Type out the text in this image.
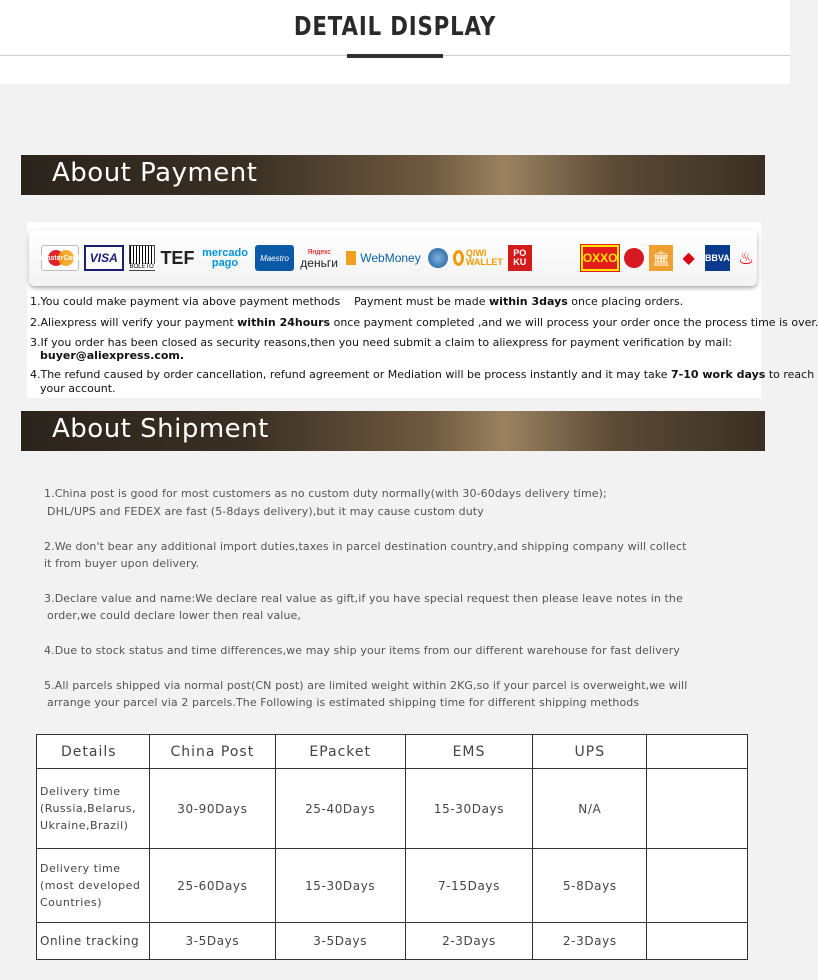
DETAIL DISPLAY
About Payment
MasterCard VISA
BOLETO TEF mercado
pago	Maestro
Яндекс
деньги WebMoney	QIWI
WALLET
PO
KU	OXXO 🏛 ◆	BBVA ♨
1.You could make payment via above payment methods Payment must be made within 3days once placing orders.
2.Aliexpress will verify your payment within 24hours once payment completed ,and we will process your order once the process time is over.
3.If you order has been closed as security reasons,then you need submit a claim to aliexpress for payment verification by mail:
buyer@aliexpress.com.
4.The refund caused by order cancellation, refund agreement or Mediation will be process instantly and it may take 7-10 work days to reach
your account.
About Shipment
1.China post is good for most customers as no custom duty normally(with 30-60days delivery time);
DHL/UPS and FEDEX are fast (5-8days delivery),but it may cause custom duty
2.We don't bear any additional import duties,taxes in parcel destination country,and shipping company will collect
it from buyer upon delivery.
3.Declare value and name:We declare real value as gift,if you have special request then please leave notes in the
order,we could declare lower then real value,
4.Due to stock status and time differences,we may ship your items from our different warehouse for fast delivery
5.All parcels shipped via normal post(CN post) are limited weight within 2KG,so if your parcel is overweight,we will
arrange your parcel via 2 parcels.The Following is estimated shipping time for different shipping methods
Details	China Post	EPacket	EMS	UPS	

Delivery time
(Russia,Belarus,
Ukraine,Brazil)	30-90Days	25-40Days	15-30Days	N/A	

Delivery time
(most developed
Countries)	25-60Days	15-30Days	7-15Days	5-8Days	
Online tracking	3-5Days	3-5Days	2-3Days	2-3Days	
